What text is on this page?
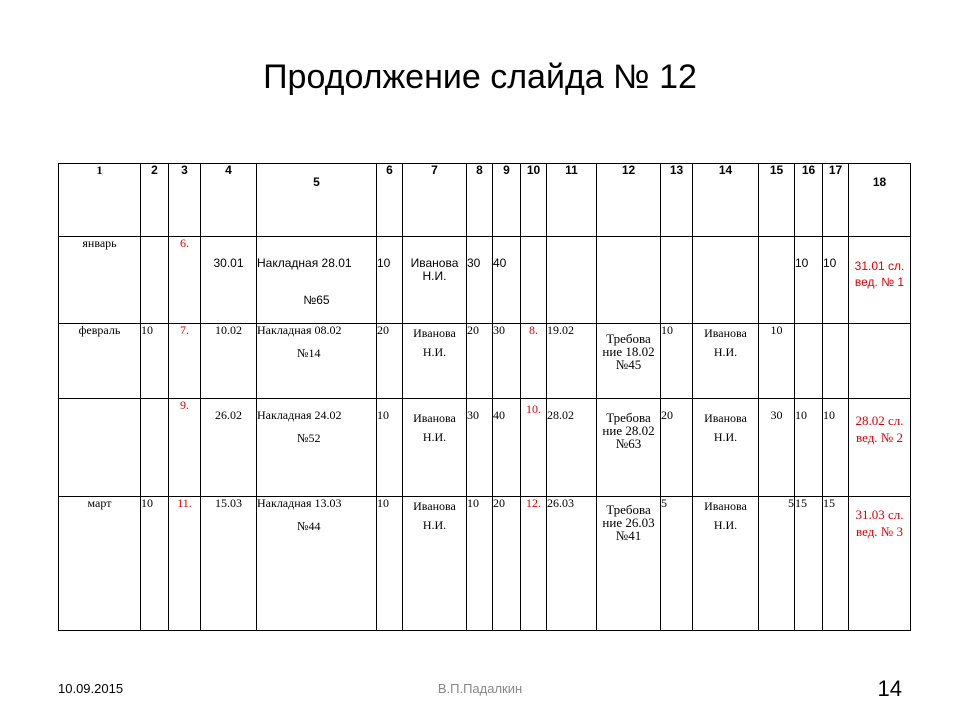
Продолжение слайда № 12
1	2	3	4	5	6	7	8	9	10	11	12	13	14	15	16	17	18
январь		6.	30.01	Накладная 28.01
№65	10	Иванова Н.И.	30	40							10	10	31.01 сл. вед. № 1
февраль	10	7.	10.02	Накладная 08.02
№14	20	Иванова Н.И.	20	30	8.	19.02	Требова ние 18.02 №45	10	Иванова Н.И.	10			
		9.	26.02	Накладная 24.02
№52	10	Иванова Н.И.	30	40	10.	28.02	Требова ние 28.02 №63	20	Иванова Н.И.	30	10	10	28.02 сл. вед. № 2
март	10	11.	15.03	Накладная 13.03
№44	10	Иванова Н.И.	10	20	12.	26.03	Требова ние 26.03 №41	5	Иванова Н.И.	5	15	15	31.03 сл. вед. № 3
10.09.2015	В.П.Падалкин	14
